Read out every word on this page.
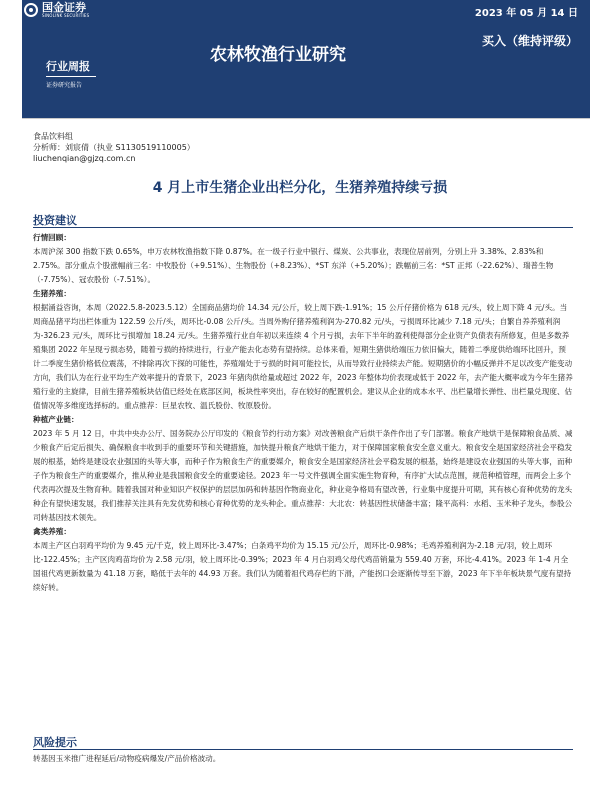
国金证券
SINOLINK SECURITIES	2023 年 05 月 14 日
买入（维持评级）
农林牧渔行业研究
行业周报
证券研究报告
食品饮料组
分析师：刘宸倩（执业 S1130519110005）
liuchenqian@gjzq.com.cn
4 月上市生猪企业出栏分化，生猪养殖持续亏损
投资建议
行情回顾：

本周沪深 300 指数下跌 0.65%，申万农林牧渔指数下降 0.87%。在一级子行业中银行、煤炭、公共事业，表现位居前列，分别上升 3.38%、2.83%和 2.75%。部分重点个股涨幅前三名：中牧股份（+9.51%）、生物股份（+8.23%）、*ST 东洋（+5.20%）；跌幅前三名：*ST 正邦（-22.62%）、瑞普生物（-7.75%）、冠农股份（-7.51%）。

生猪养殖：

根据涌益咨询，本周（2022.5.8-2023.5.12）全国商品猪均价 14.34 元/公斤，较上周下跌-1.91%；15 公斤仔猪价格为 618 元/头，较上周下降 4 元/头。当周商品猪平均出栏体重为 122.59 公斤/头，周环比-0.08 公斤/头。当周外购仔猪养殖利润为-270.82 元/头，亏损周环比减少 7.18 元/头；自繁自养养殖利润为-326.23 元/头，周环比亏损增加 18.24 元/头。生猪养殖行业自年初以来连续 4 个月亏损，去年下半年的盈利使得部分企业资产负债表有所修复，但是多数养殖集团 2022 年呈现亏损态势，随着亏损的持续进行，行业产能去化态势有望持续。总体来看，短期生猪供给端压力依旧偏大，随着二季度供给端环比回升，预计二季度生猪价格低位震荡，不排除再次下探的可能性，养殖端处于亏损的时间可能拉长，从而导致行业持续去产能。短期猪价的小幅反弹并不足以改变产能变动方向，我们认为在行业平均生产效率提升的背景下，2023 年猪肉供给量或超过 2022 年，2023 年整体均价表现或低于 2022 年，去产能大概率或为今年生猪养殖行业的主旋律，目前生猪养殖板块估值已经处在底部区间，板块性率突出，存在较好的配置机会。建议从企业的成本水平、出栏量增长弹性、出栏量兑现度、估值情况等多维度选择标的。重点推荐：巨星农牧、温氏股份、牧原股份。

种植产业链：

2023 年 5 月 12 日，中共中央办公厅、国务院办公厅印发的《粮食节约行动方案》对改善粮食产后烘干条件作出了专门部署。粮食产地烘干是保障粮食品质、减少粮食产后定后损失、确保粮食丰收到手的重要环节和关键措施，加快提升粮食产地烘干能力，对于保障国家粮食安全意义重大。粮食安全是国家经济社会平稳发展的根基，始终是建设农业强国的头等大事，而种子作为粮食生产的重要媒介，粮食安全是国家经济社会平稳发展的根基，始终是建设农业强国的头等大事，而种子作为粮食生产的重要媒介，推从种业是我国粮食安全的重要途径。2023 年一号文件强调全面实施生物育种，有序扩大试点范围，规范种植管理，而两会上多个代表再次提及生物育种。随着我国对种业知识产权保护的层层加码和转基因作物商业化，种业竞争格局有望改善，行业集中度提升可期，其有核心育种优势的龙头种企有望快速发展，我们推荐关注具有先发优势和核心育种优势的龙头种企。重点推荐：大北农：转基因性状储备丰富；隆平高科：水稻、玉米种子龙头，参股公司转基因技术领先。

禽类养殖：

本周主产区白羽鸡平均价为 9.45 元/千克，较上周环比-3.47%；白条鸡平均价为 15.15 元/公斤，周环比-0.98%；毛鸡养殖利润为-2.18 元/羽，较上周环比-122.45%；主产区肉鸡苗均价为 2.58 元/羽，较上周环比-0.39%；2023 年 4 月白羽鸡父母代鸡苗销量为 559.40 万套，环比-4.41%。2023 年 1-4 月全国祖代鸡更新数量为 41.18 万套，略低于去年的 44.93 万套。我们认为随着祖代鸡存栏的下滑，产能拐口会逐渐传导至下游，2023 年下半年板块景气度有望持续好转。

风险提示

转基因玉米推广进程延后/动物疫病爆发/产品价格波动。
